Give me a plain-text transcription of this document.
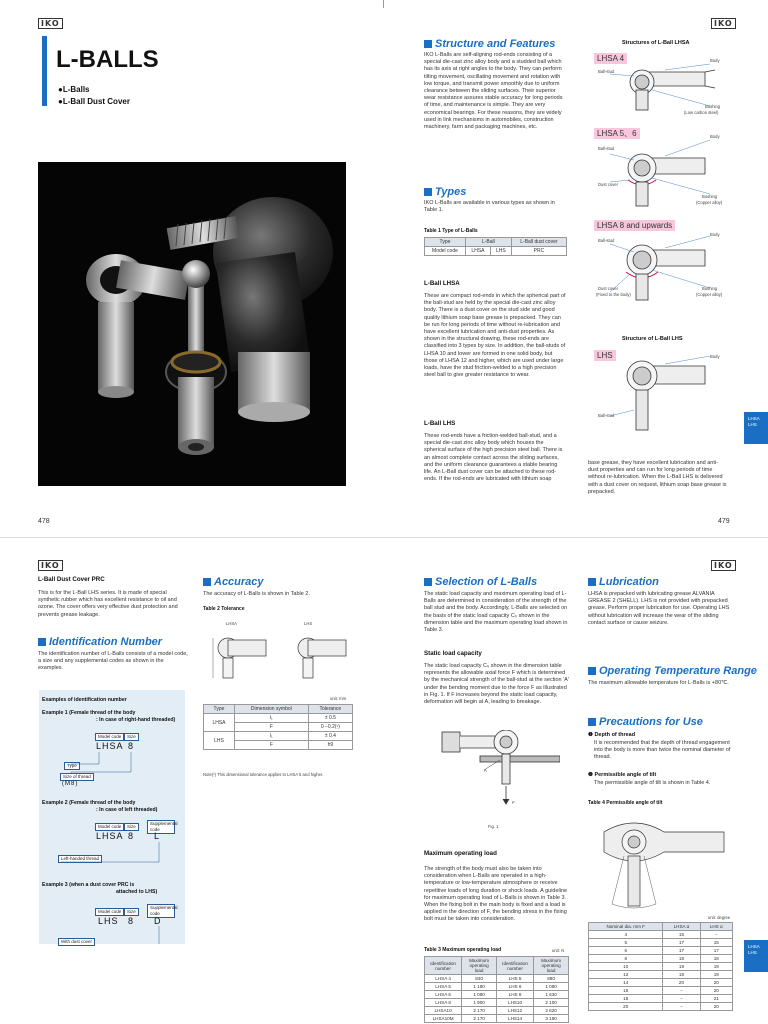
IKO	IKO
L-BALLS
●L-Balls
●L-Ball Dust Cover
478	479
Structure and Features
IKO L-Balls are self-aligning rod-ends consisting of a special die-cast zinc alloy body and a studded ball which has its axis at right angles to the body. They can perform tilting movement, oscillating movement and rotation with low torque, and transmit power smoothly due to uniform clearance between the sliding surfaces. Their superior wear resistance assures stable accuracy for long periods of time, and maintenance is simple. They are very economical bearings. For these reasons, they are widely used in link mechanisms in automobiles, construction machinery, farm and packaging machines, etc.
Types
IKO L-Balls are available in various types as shown in Table 1.
Table 1 Type of L-Balls
Type	L-Ball		L-Ball dust cover
Model code	LHSA	LHS	PRC
L-Ball LHSA
These are compact rod-ends in which the spherical part of the ball-stud are held by the special die-cast zinc alloy body. There is a dust cover on the stud side and good quality lithium soap base grease is prepacked. They can be run for long periods of time without re-lubrication and have excellent lubrication and anti-dust properties. As shown in the structural drawing, these rod-ends are classified into 3 types by size. In addition, the ball-studs of LHSA 10 and lower are formed in one solid body, but those of LHSA 12 and higher, which are used under large loads, have the stud friction-welded to a high precision steel ball to give greater resistance to wear.
L-Ball LHS
These rod-ends have a friction-welded ball-stud, and a special die-cast zinc alloy body which houses the spherical surface of the high precision steel ball. There is an almost complete contact across the sliding surfaces, and the uniform clearance guarantees a stable bearing life. An L-Ball dust cover can be attached to these rod-ends. If the rod-ends are lubricated with lithium soap
base grease, they have excellent lubrication and anti-dust properties and can run for long periods of time without re-lubrication. When the L-Ball LHS is delivered with a dust cover on request, lithium soap base grease is prepacked.
Structures of L-Ball LHSA
LHSA 4
LHSA 5、6
LHSA 8 and upwards
Structure of L-Ball LHS
LHS
Body
Ball-stud
Bushing
(Low carbon steel)
Body
Ball-stud
Dust cover
Bushing
(Copper alloy)
Body
Ball-stud
Dust cover
(Fixed to the body)
Bushing
(Copper alloy)
Body
Ball-stud
LHSA
LHS
IKO	IKO
L-Ball Dust Cover PRC
This is for the L-Ball LHS series. It is made of special synthetic rubber which has excellent resistance to oil and ozone. The cover offers very effective dust protection and prevents grease leakage.
Identification Number
The identification number of L-Balls consists of a model code, a size and any supplemental codes as shown in the examples.
Examples of identification number
Example 1 (Female thread of the body
: In case of right-hand threaded)
Model code	Size
LHSA 8
Type
Size of thread
(M8)
Example 2 (Female thread of the body
: In case of left threaded)
Model code	Size
Supplemental code
LHSA 8 L
Left-handed thread
Example 3 (when a dust cover PRC is
attached to LHS)
Model code	Size
Supplemental code
LHS 8 D
With dust cover
Accuracy
The accuracy of L-Balls is shown in Table 2.
Table 2 Tolerance
LHSA	LHS
unit: mm
Type	Dimension symbol	Tolerance
LHSA	l₁	± 0.5
	F	0 −0.2(¹)
LHS	l₁	± 0.4
	F	h9
Note(¹) This dimensional tolerance applies to LHSA 5 and higher.
Selection of L-Balls
The static load capacity and maximum operating load of L-Balls are determined in consideration of the strength of the ball stud and the body. Accordingly, L-Balls are selected on the basis of the static load capacity C₀ shown in the dimension table and the maximum operating load shown in Table 3.
Static load capacity
The static load capacity C₀ shown in the dimension table represents the allowable axial force F which is determined by the mechanical strength of the ball-stud at the section 'A' under the bending moment due to the force F as illustrated in Fig. 1. If F increases beyond the static load capacity, deformation will begin at A, leading to breakage.
A
F
Fig. 1
Maximum operating load
The strength of the body must also be taken into consideration when L-Balls are operated in a high-temperature or low-temperature atmosphere or receive repetitive loads of long duration or shock loads. A guideline for maximum operating load of L-Balls is shown in Table 3. When the fixing bolt in the main body is fixed and a load is applied in the direction of F, the bending stress in the fixing bolt must be taken into consideration.
Table 3 Maximum operating load	unit: N
Identification number	Maximum operating load	Identification number	Maximum operating load
LHSA 4	840	LHS 5	880
LHSA 5	1 180	LHS 6	1 080
LHSA 6	1 080	LHS 8	1 630
LHSA 8	1 900	LHS10	2 100
LHSA10	2 170	LHS12	2 620
LHSA10M	2 170	LHS14	3 190
Lubrication
LHSA is prepacked with lubricating grease ALVANIA GREASE 2 (SHELL). LHS is not provided with prepacked grease. Perform proper lubrication for use. Operating LHS without lubrication will increase the wear of the sliding contact surface or cause seizure.
Operating Temperature Range
The maximum allowable temperature for L-Balls is +80℃.
Precautions for Use
❶ Depth of thread
It is recommended that the depth of thread engagement into the body is more than twice the nominal diameter of thread.
❷ Permissible angle of tilt
The permissible angle of tilt is shown in Table 4.
Table 4 Permissible angle of tilt
unit: degree
Nominal dia. mm F	LHSA α	LHS α
4	15	−
5	17	15
6	17	17
8	18	18
10	19	19
12	18	19
14	20	20
16	−	20
18	−	21
20	−	20
LHSA
LHS
